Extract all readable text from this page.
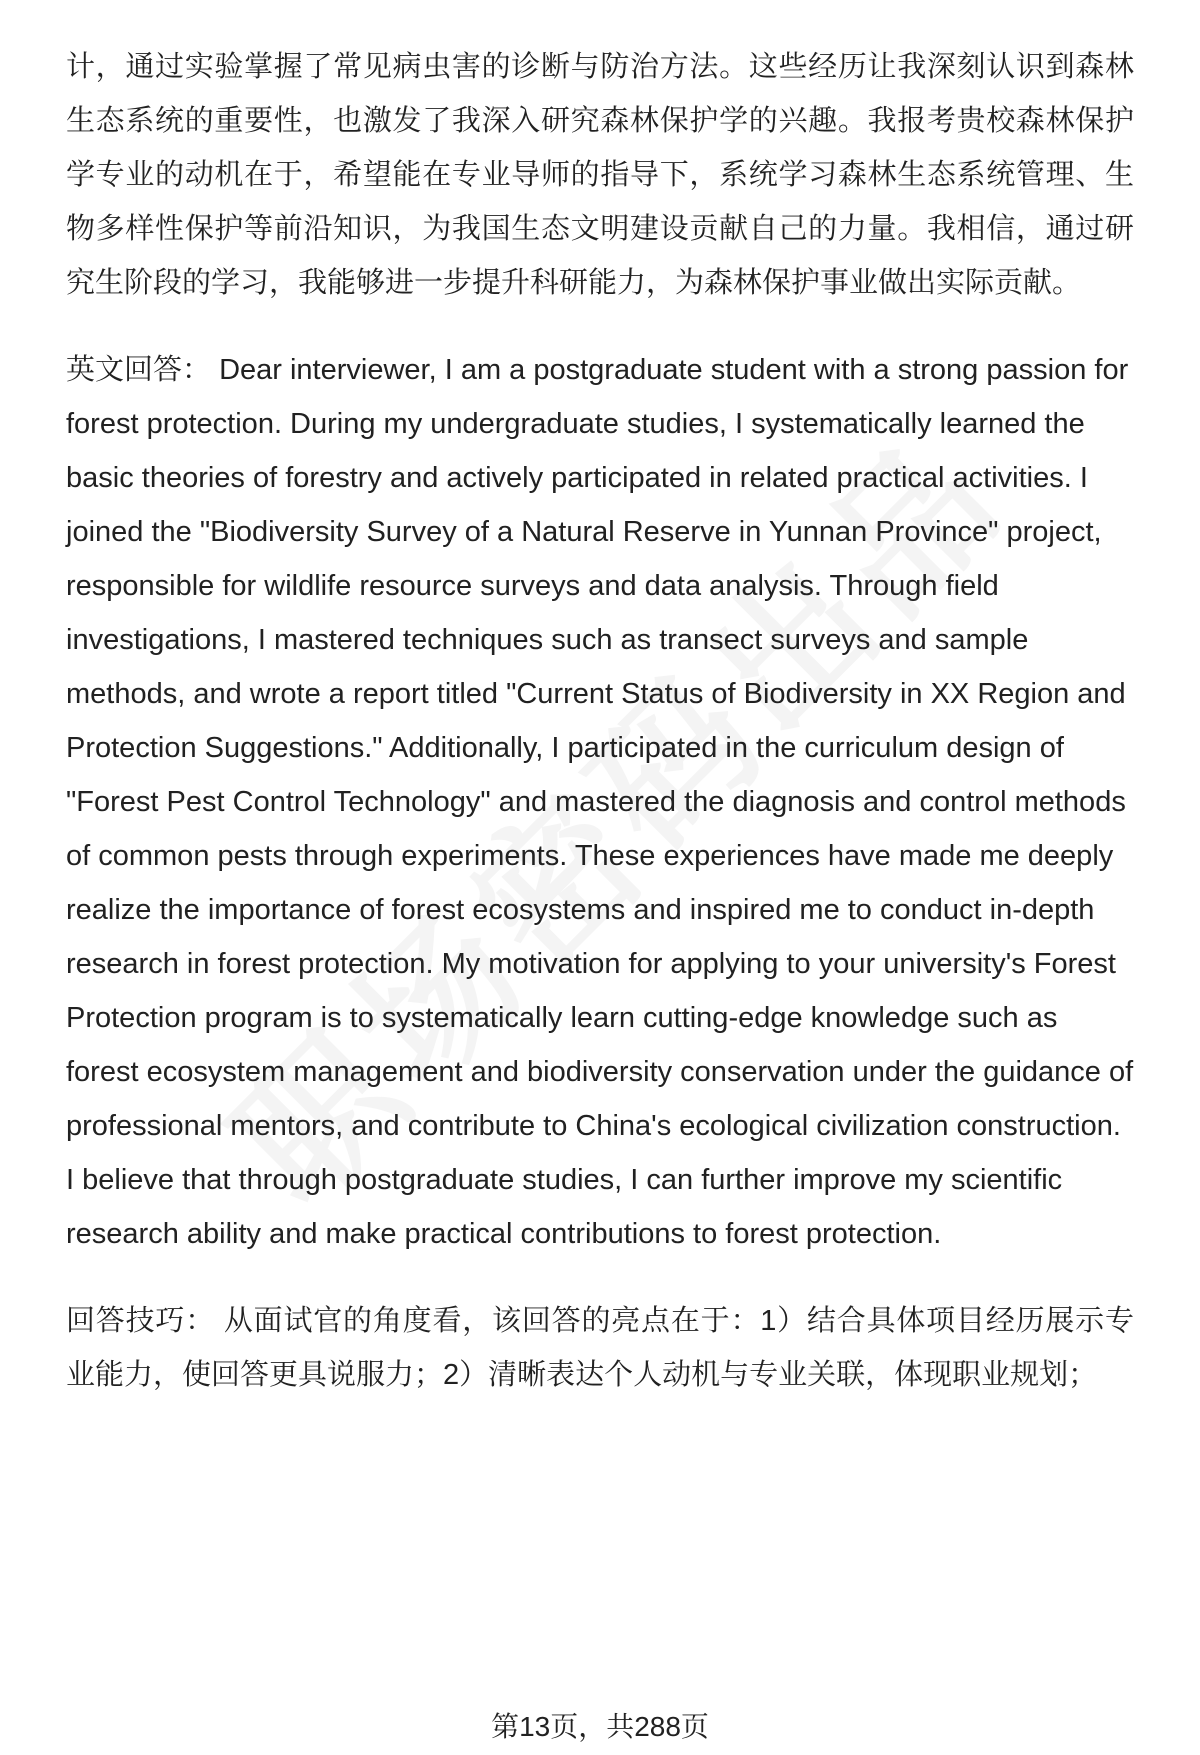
计，通过实验掌握了常见病虫害的诊断与防治方法。这些经历让我深刻认识到森林生态系统的重要性，也激发了我深入研究森林保护学的兴趣。我报考贵校森林保护学专业的动机在于，希望能在专业导师的指导下，系统学习森林生态系统管理、生物多样性保护等前沿知识，为我国生态文明建设贡献自己的力量。我相信，通过研究生阶段的学习，我能够进一步提升科研能力，为森林保护事业做出实际贡献。

英文回答： Dear interviewer, I am a postgraduate student with a strong passion for forest protection. During my undergraduate studies, I systematically learned the basic theories of forestry and actively participated in related practical activities. I joined the "Biodiversity Survey of a Natural Reserve in Yunnan Province" project, responsible for wildlife resource surveys and data analysis. Through field investigations, I mastered techniques such as transect surveys and sample methods, and wrote a report titled "Current Status of Biodiversity in XX Region and Protection Suggestions." Additionally, I participated in the curriculum design of "Forest Pest Control Technology" and mastered the diagnosis and control methods of common pests through experiments. These experiences have made me deeply realize the importance of forest ecosystems and inspired me to conduct in-depth research in forest protection. My motivation for applying to your university's Forest Protection program is to systematically learn cutting-edge knowledge such as forest ecosystem management and biodiversity conservation under the guidance of professional mentors, and contribute to China's ecological civilization construction. I believe that through postgraduate studies, I can further improve my scientific research ability and make practical contributions to forest protection.

回答技巧： 从面试官的角度看，该回答的亮点在于：1）结合具体项目经历展示专业能力，使回答更具说服力；2）清晰表达个人动机与专业关联，体现职业规划；

第13页，共288页
